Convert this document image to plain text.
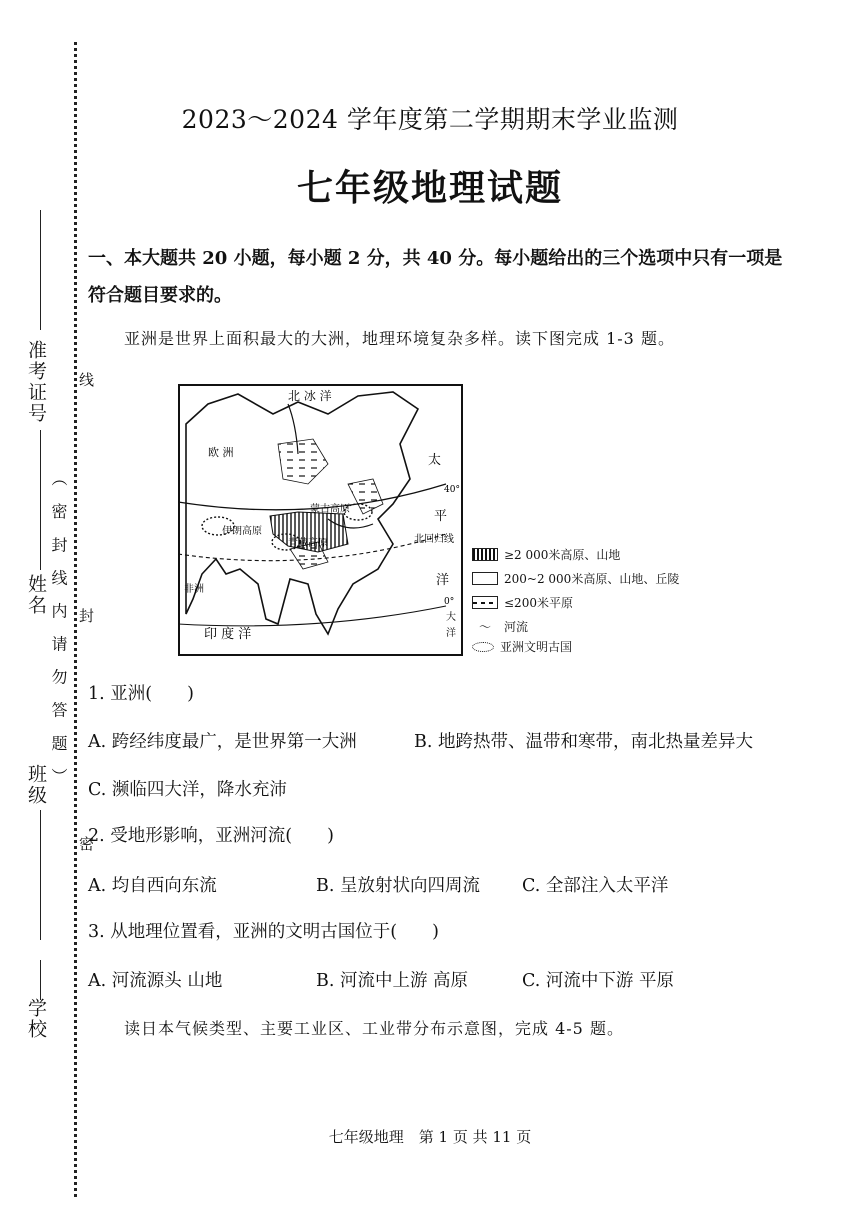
准考证号
姓名
班级
学校
（ 密 封 线 内 请 勿 答 题 ）
线
封
密
2023～2024 学年度第二学期期末学业监测
七年级地理试题
一、本大题共 20 小题，每小题 2 分，共 40 分。每小题给出的三个选项中只有一项是符合题目要求的。
亚洲是世界上面积最大的大洲，地理环境复杂多样。读下图完成 1-3 题。
北 冰 洋
欧 洲
太
平
洋
蒙古高原
伊朗高原
青藏高原
非洲
印 度 洋
北回归线
40°
0°
大
洋
≥2 000米高原、山地
200~2 000米高原、山地、丘陵
≤200米平原
〜	河流
亚洲文明古国
1. 亚洲(　　)
A. 跨经纬度最广，是世界第一大洲	B. 地跨热带、温带和寒带，南北热量差异大
C. 濒临四大洋，降水充沛
2. 受地形影响，亚洲河流(　　)
A. 均自西向东流	B. 呈放射状向四周流 C. 全部注入太平洋
3. 从地理位置看，亚洲的文明古国位于(　　)
A. 河流源头 山地	B. 河流中上游 高原	C. 河流中下游 平原
读日本气候类型、主要工业区、工业带分布示意图，完成 4-5 题。
七年级地理　第 1 页 共 11 页
